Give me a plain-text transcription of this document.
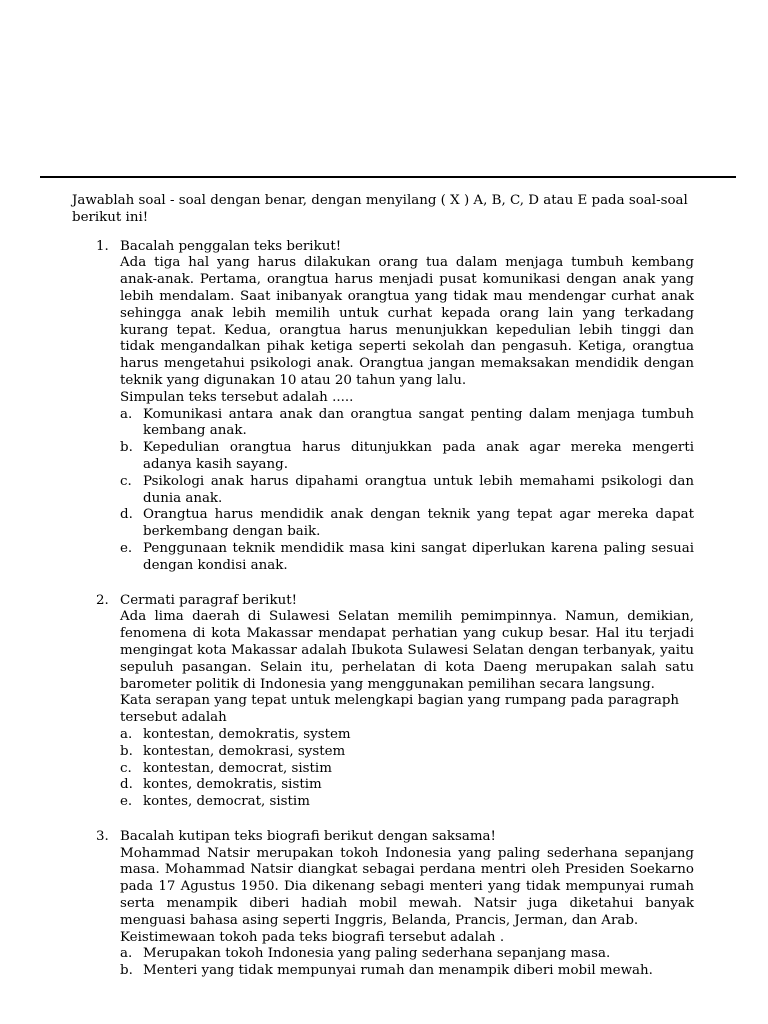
Jawablah soal - soal dengan benar, dengan menyilang ( X ) A, B, C, D atau E pada soal-soal berikut ini!

1. Bacalah penggalan teks berikut!

Ada tiga hal yang harus dilakukan orang tua dalam menjaga tumbuh kembang anak-anak. Pertama, orangtua harus menjadi pusat komunikasi dengan anak yang lebih mendalam. Saat inibanyak orangtua yang tidak mau mendengar curhat anak sehingga anak lebih memilih untuk curhat kepada orang lain yang terkadang kurang tepat. Kedua, orangtua harus menunjukkan kepedulian lebih tinggi dan tidak mengandalkan pihak ketiga seperti sekolah dan pengasuh. Ketiga, orangtua harus mengetahui psikologi anak. Orangtua jangan memaksakan mendidik dengan teknik yang digunakan 10 atau 20 tahun yang lalu.

Simpulan teks tersebut adalah .....

a. Komunikasi antara anak dan orangtua sangat penting dalam menjaga tumbuh kembang anak.
b. Kepedulian orangtua harus ditunjukkan pada anak agar mereka mengerti adanya kasih sayang.
c. Psikologi anak harus dipahami orangtua untuk lebih memahami psikologi dan dunia anak.
d. Orangtua harus mendidik anak dengan teknik yang tepat agar mereka dapat berkembang dengan baik.
e. Penggunaan teknik mendidik masa kini sangat diperlukan karena paling sesuai dengan kondisi anak.
2. Cermati paragraf berikut!

Ada lima daerah di Sulawesi Selatan memilih pemimpinnya. Namun, demikian, fenomena di kota Makassar mendapat perhatian yang cukup besar. Hal itu terjadi mengingat kota Makassar adalah Ibukota Sulawesi Selatan dengan terbanyak, yaitu sepuluh pasangan. Selain itu, perhelatan di kota Daeng merupakan salah satu barometer politik di Indonesia yang menggunakan pemilihan secara langsung.

Kata serapan yang tepat untuk melengkapi bagian yang rumpang pada paragraph tersebut adalah

a. kontestan, demokratis, system
b. kontestan, demokrasi, system
c. kontestan, democrat, sistim
d. kontes, demokratis, sistim
e. kontes, democrat, sistim
3. Bacalah kutipan teks biografi berikut dengan saksama!

Mohammad Natsir merupakan tokoh Indonesia yang paling sederhana sepanjang masa. Mohammad Natsir diangkat sebagai perdana mentri oleh Presiden Soekarno pada 17 Agustus 1950. Dia dikenang sebagi menteri yang tidak mempunyai rumah serta menampik diberi hadiah mobil mewah. Natsir juga diketahui banyak menguasi bahasa asing seperti Inggris, Belanda, Prancis, Jerman, dan Arab.

Keistimewaan tokoh pada teks biografi tersebut adalah .

a. Merupakan tokoh Indonesia yang paling sederhana sepanjang masa.
b. Menteri yang tidak mempunyai rumah dan menampik diberi mobil mewah.
